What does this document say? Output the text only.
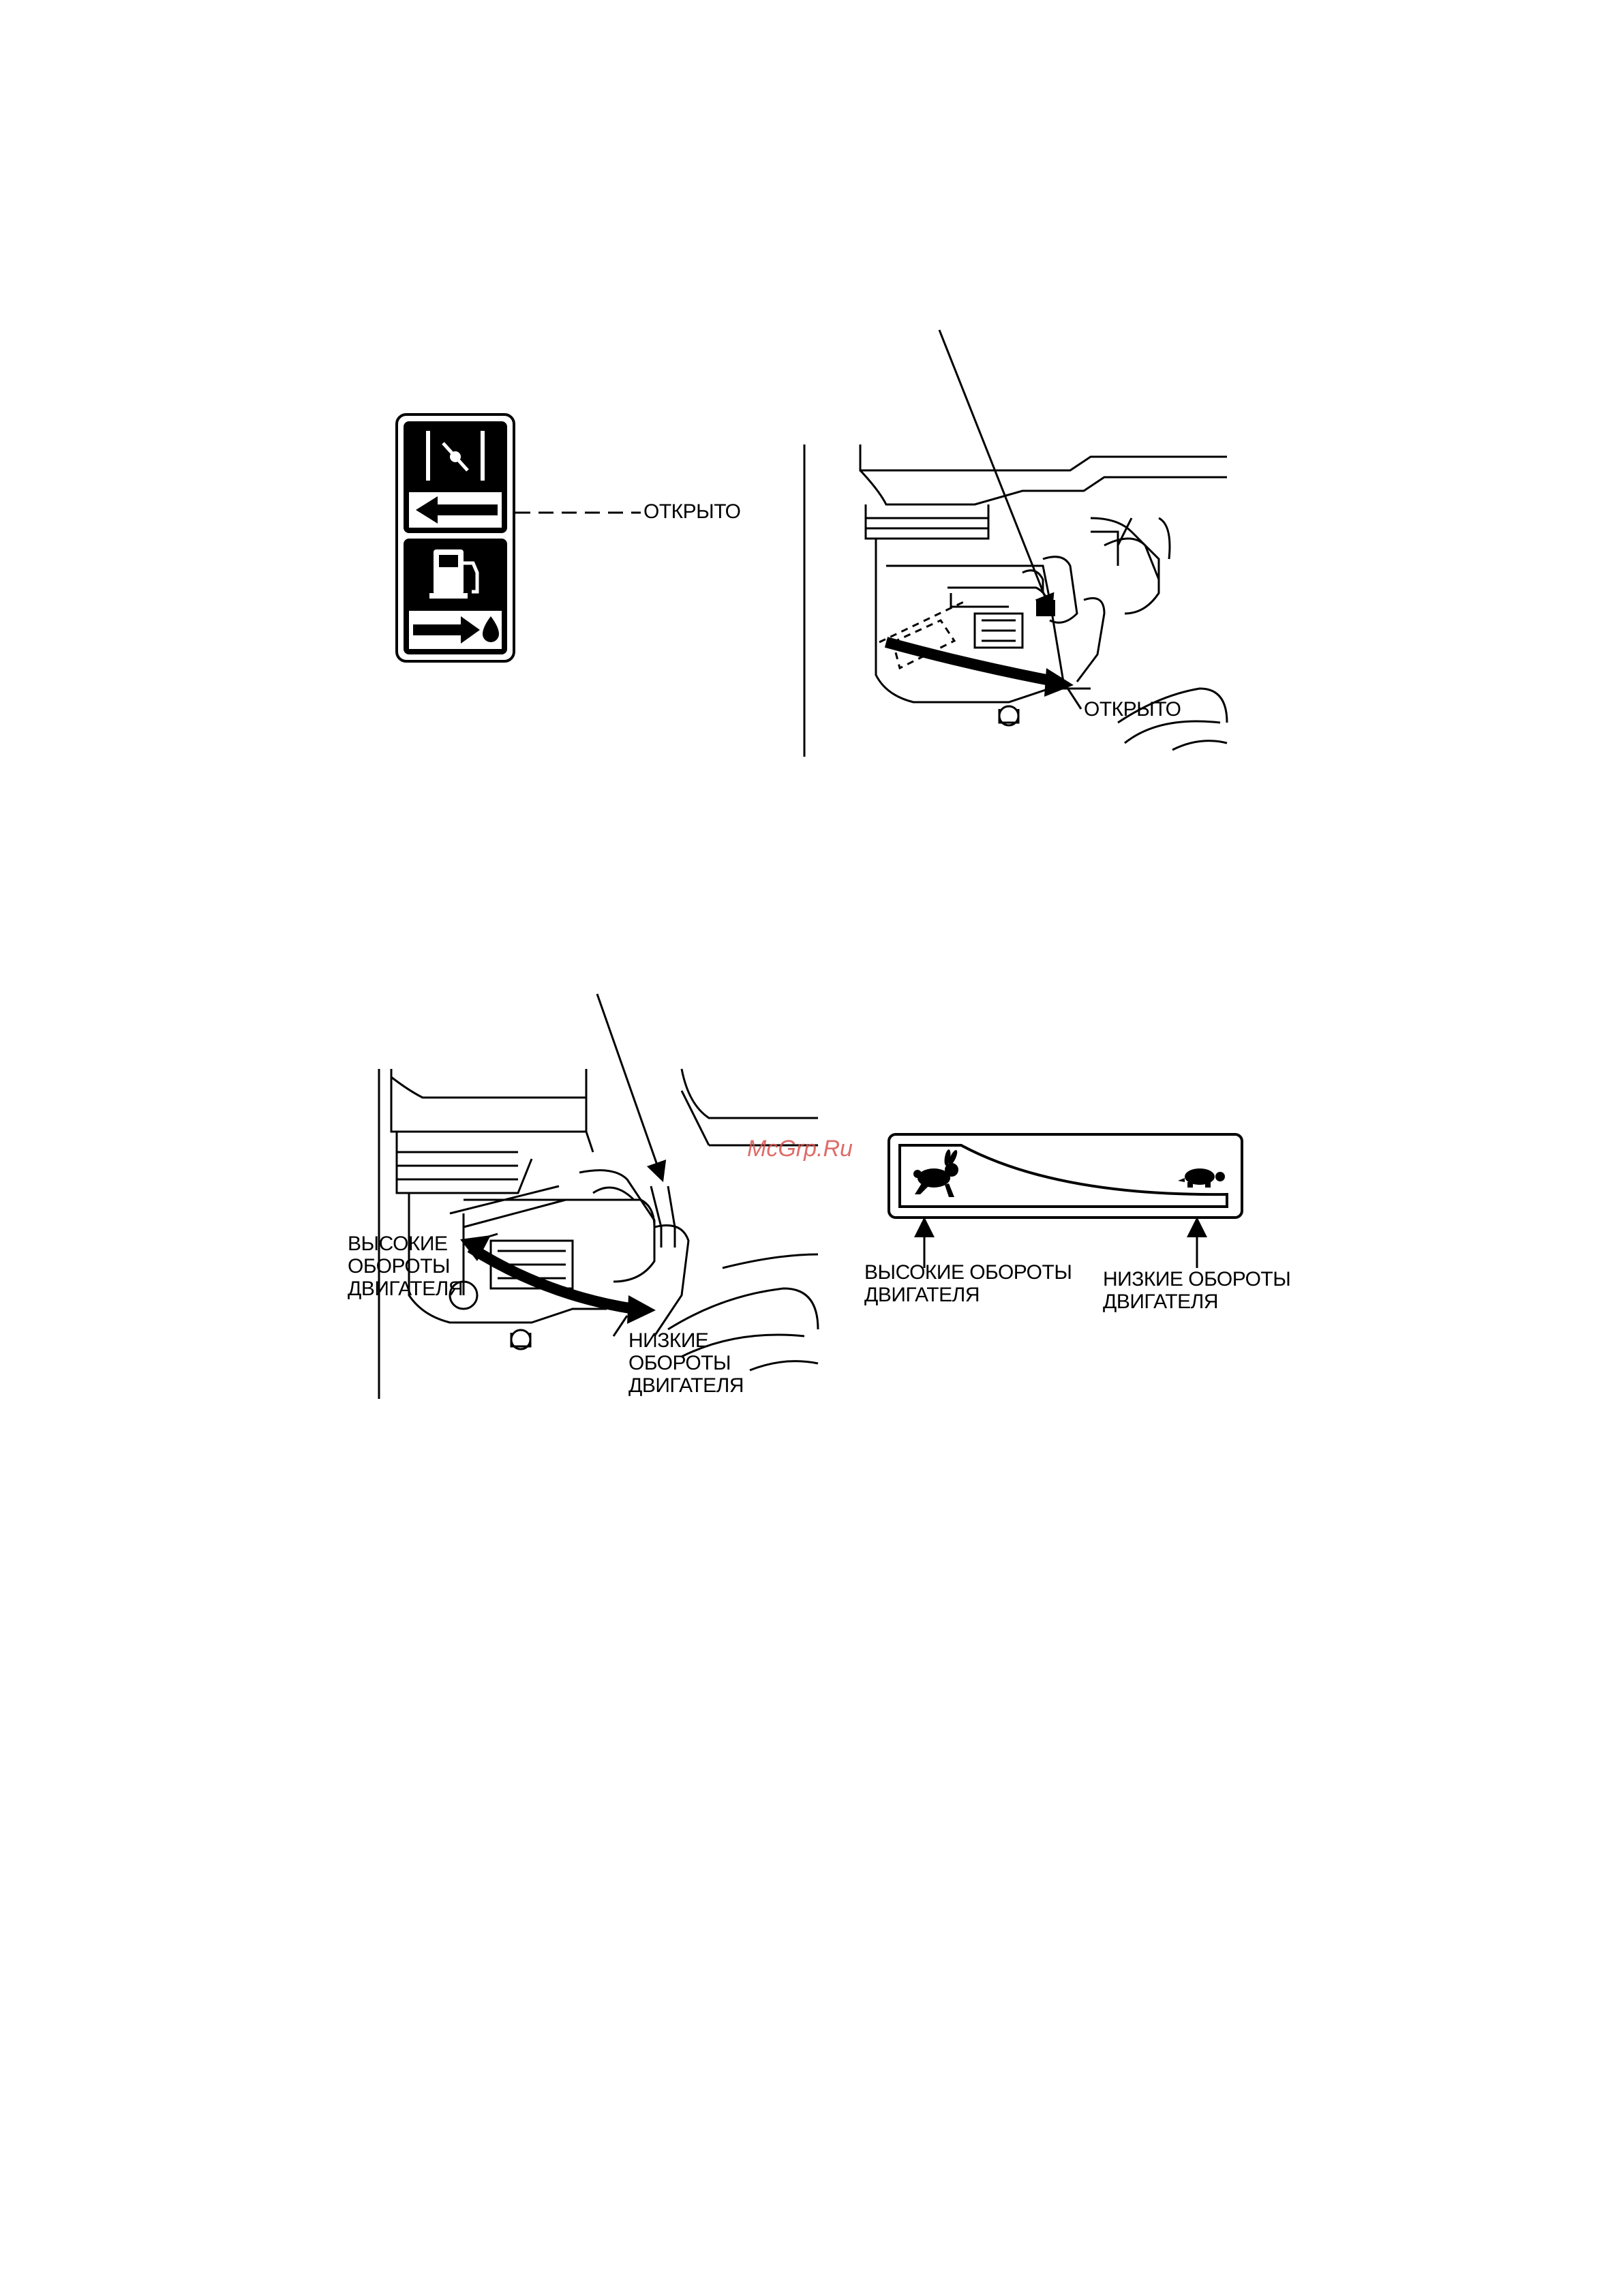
ОТКРЫТО
ОТКРЫТО
ВЫСОКИЕ
ОБОРОТЫ
ДВИГАТЕЛЯ
НИЗКИЕ
ОБОРОТЫ
ДВИГАТЕЛЯ
ВЫСОКИЕ ОБОРОТЫ
ДВИГАТЕЛЯ
НИЗКИЕ ОБОРОТЫ
ДВИГАТЕЛЯ
McGrp.Ru
